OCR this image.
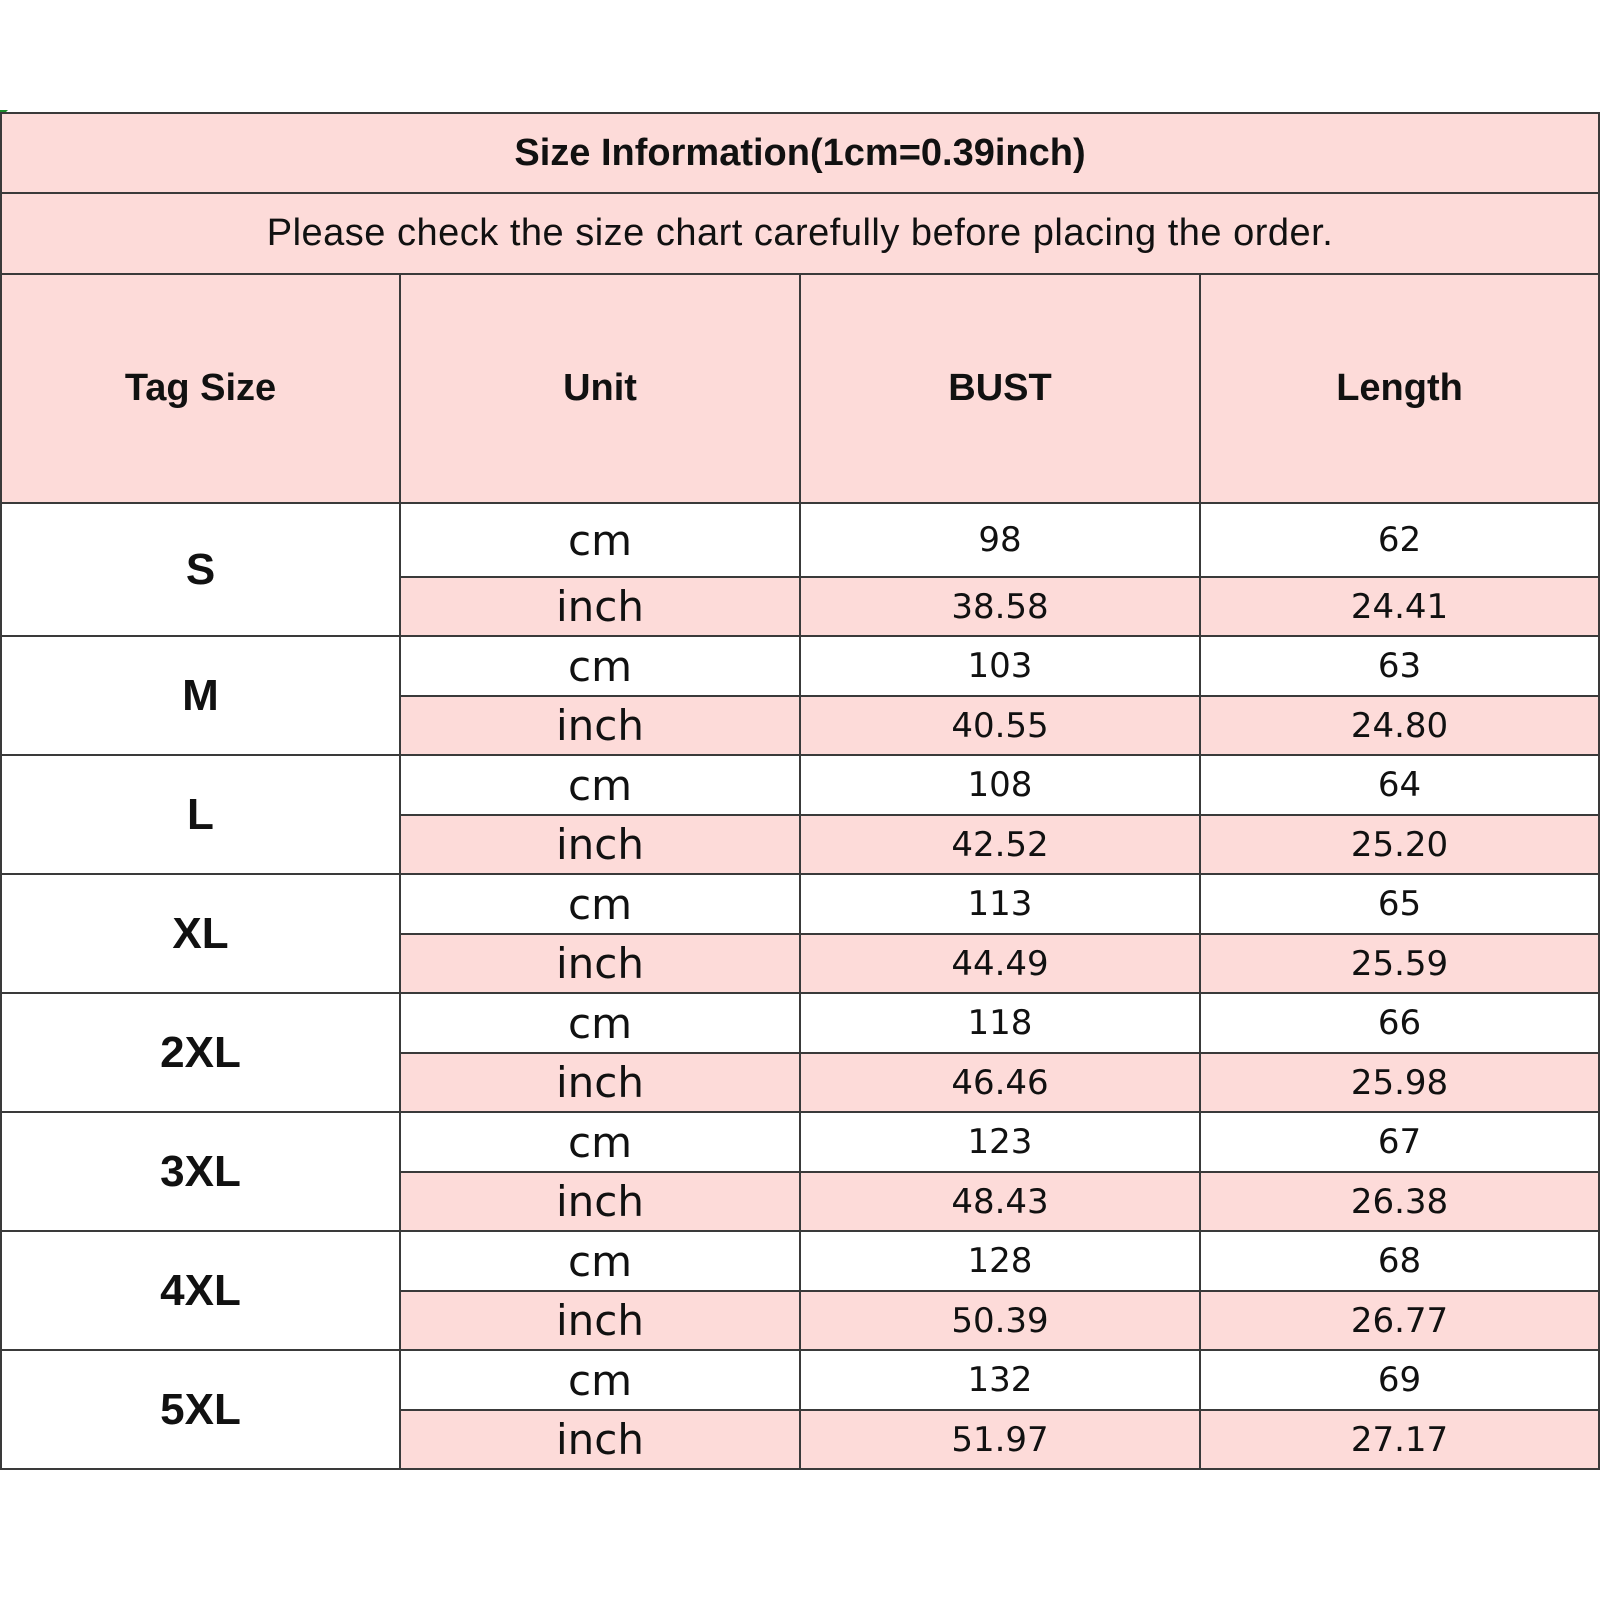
Size Information(1cm=0.39inch)			
Please check the size chart carefully before placing the order.			
Tag Size	Unit	BUST	Length
S	cm	98	62
	inch	38.58	24.41
M	cm	103	63
	inch	40.55	24.80
L	cm	108	64
	inch	42.52	25.20
XL	cm	113	65
	inch	44.49	25.59
2XL	cm	118	66
	inch	46.46	25.98
3XL	cm	123	67
	inch	48.43	26.38
4XL	cm	128	68
	inch	50.39	26.77
5XL	cm	132	69
	inch	51.97	27.17
